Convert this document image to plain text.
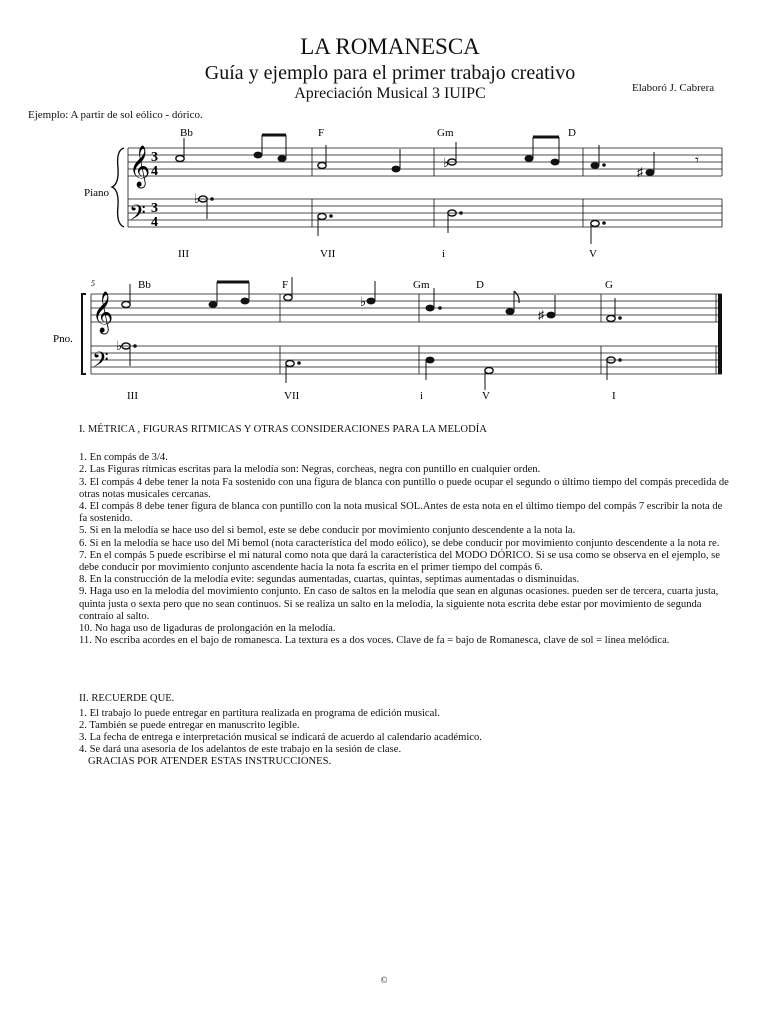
LA ROMANESCA
Guía y ejemplo para el primer trabajo creativo
Apreciación Musical 3 IUIPC	Elaboró J. Cabrera
Ejemplo: A partir de sol eólico - dórico.
Piano
𝄞
𝄢
3
4
3
4
Bb	F	Gm	D
♭
♯
𝄾
♭
III	VII	i	V
5
Pno.
𝄞
𝄢
Bb	F	Gm	D	G
♭
♯
♭
III	VII	i	V	I

I. MÉTRICA , FIGURAS RITMICAS Y OTRAS CONSIDERACIONES PARA LA MELODÍA

1. En compás de 3/4.
2. Las Figuras rítmicas escritas para la melodía son: Negras, corcheas, negra con puntillo en cualquier orden.
3. El compás 4 debe tener la nota Fa sostenido con una figura de blanca con puntillo o puede ocupar el segundo o último tiempo del compás precedida de otras notas musicales cercanas.
4. El compás 8 debe tener figura de blanca con puntillo con la nota musical SOL.Antes de esta nota en el último tiempo del compás 7 escribir la nota de fa sostenido.
5. Si en la melodía se hace uso del si bemol, este se debe conducir por movimiento conjunto descendente a la nota la.
6. Si en la melodía se hace uso del Mi bemol (nota característica del modo eólico), se debe conducir por movimiento conjunto descendente a la nota re.
7. En el compás 5 puede escribirse el mi natural como nota que dará la característica del MODO DÓRICO. Si se usa como se observa en el ejemplo, se debe conducir por movimiento conjunto ascendente hacia la nota fa escrita en el primer tiempo del compás 6.
8. En la construcción de la melodía evite: segundas aumentadas, cuartas, quintas, septimas aumentadas o disminuidas.
9. Haga uso en la melodía del movimiento conjunto. En caso de saltos en la melodía que sean en algunas ocasiones. pueden ser de tercera, cuarta justa, quinta justa o sexta pero que no sean continuos. Si se realiza un salto en la melodía, la siguiente nota escrita debe estar por movimiento de segunda contraio al salto.
10. No haga uso de ligaduras de prolongación en la melodía.
11. No escriba acordes en el bajo de romanesca. La textura es a dos voces. Clave de fa = bajo de Romanesca, clave de sol = línea melódica.

II. RECUERDE QUE.

1. El trabajo lo puede entregar en partitura realizada en programa de edición musical.
2. También se puede entregar en manuscrito legible.
3. La fecha de entrega e interpretación musical se indicará de acuerdo al calendario académico.
4. Se dará una asesoria de los adelantos de este trabajo en la sesión de clase.

GRACIAS POR ATENDER ESTAS INSTRUCCIONES.

©
